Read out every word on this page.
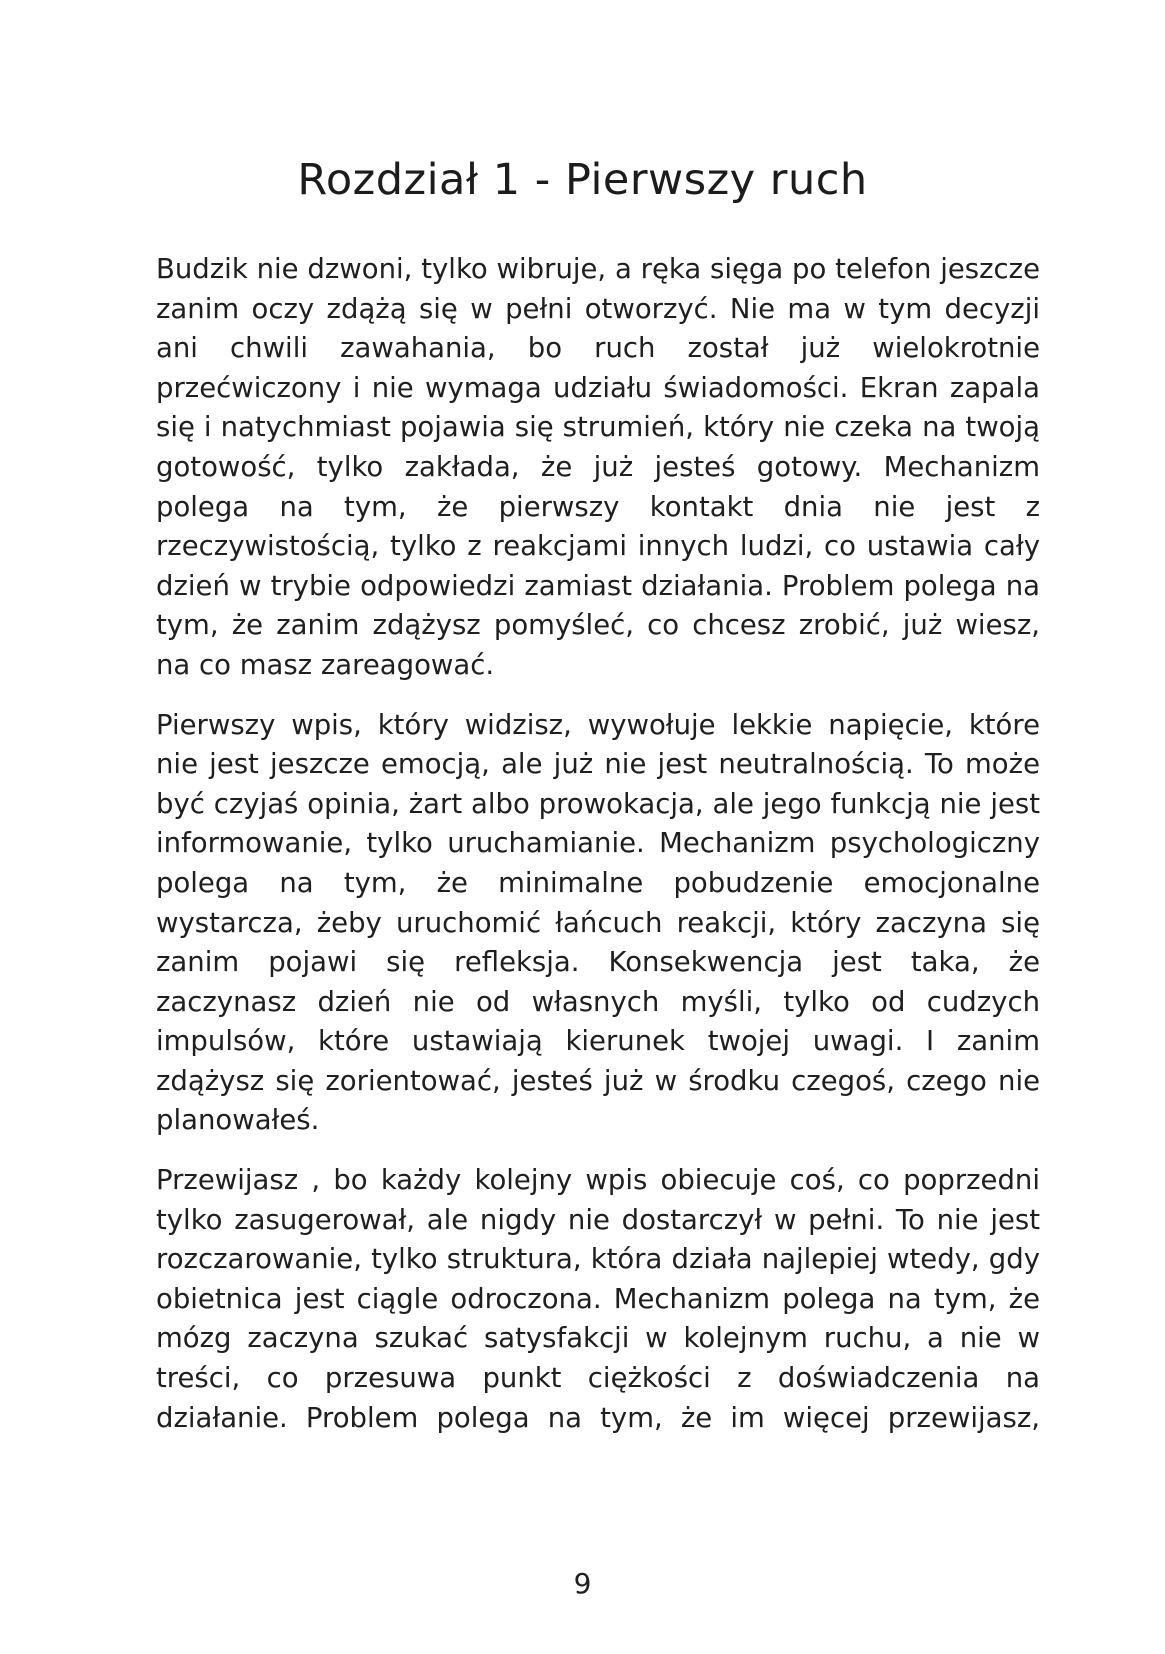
Rozdział 1 - Pierwszy ruch

Budzik nie dzwoni, tylko wibruje, a ręka sięga po telefon jeszcze zanim oczy zdążą się w pełni otworzyć. Nie ma w tym decyzji ani chwili zawahania, bo ruch został już wielokrotnie przećwiczony i nie wymaga udziału świadomości. Ekran zapala się i natychmiast pojawia się strumień, który nie czeka na twoją gotowość, tylko zakłada, że już jesteś gotowy. Mechanizm polega na tym, że pierwszy kontakt dnia nie jest z rzeczywistością, tylko z reakcjami innych ludzi, co ustawia cały dzień w trybie odpowiedzi zamiast działania. Problem polega na tym, że zanim zdążysz pomyśleć, co chcesz zrobić, już wiesz, na co masz zareagować.

Pierwszy wpis, który widzisz, wywołuje lekkie napięcie, które nie jest jeszcze emocją, ale już nie jest neutralnością. To może być czyjaś opinia, żart albo prowokacja, ale jego funkcją nie jest informowanie, tylko uruchamianie. Mechanizm psychologiczny polega na tym, że minimalne pobudzenie emocjonalne wystarcza, żeby uruchomić łańcuch reakcji, który zaczyna się zanim pojawi się refleksja. Konsekwencja jest taka, że zaczynasz dzień nie od własnych myśli, tylko od cudzych impulsów, które ustawiają kierunek twojej uwagi. I zanim zdążysz się zorientować, jesteś już w środku czegoś, czego nie planowałeś.

Przewijasz , bo każdy kolejny wpis obiecuje coś, co poprzedni tylko zasugerował, ale nigdy nie dostarczył w pełni. To nie jest rozczarowanie, tylko struktura, która działa najlepiej wtedy, gdy obietnica jest ciągle odroczona. Mechanizm polega na tym, że mózg zaczyna szukać satysfakcji w kolejnym ruchu, a nie w treści, co przesuwa punkt ciężkości z doświadczenia na działanie. Problem polega na tym, że im więcej przewijasz,

9
